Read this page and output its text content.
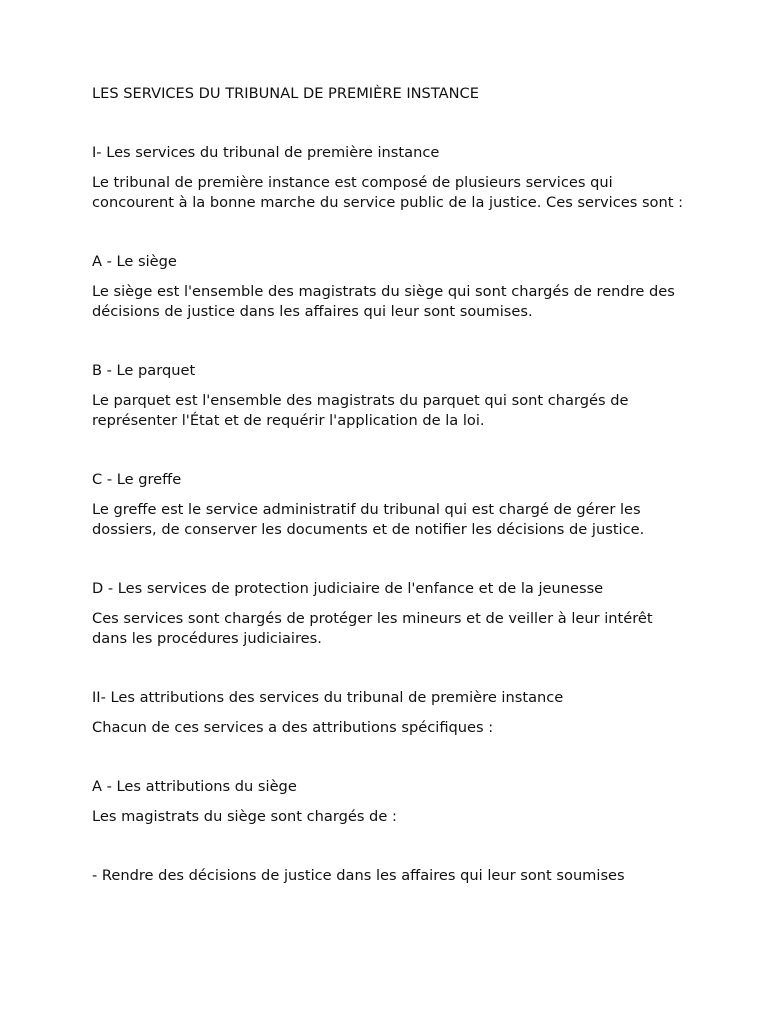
LES SERVICES DU TRIBUNAL DE PREMIÈRE INSTANCE

I- Les services du tribunal de première instance

Le tribunal de première instance est composé de plusieurs services qui concourent à la bonne marche du service public de la justice. Ces services sont :

A - Le siège

Le siège est l'ensemble des magistrats du siège qui sont chargés de rendre des décisions de justice dans les affaires qui leur sont soumises.

B - Le parquet

Le parquet est l'ensemble des magistrats du parquet qui sont chargés de représenter l'État et de requérir l'application de la loi.

C - Le greffe

Le greffe est le service administratif du tribunal qui est chargé de gérer les dossiers, de conserver les documents et de notifier les décisions de justice.

D - Les services de protection judiciaire de l'enfance et de la jeunesse

Ces services sont chargés de protéger les mineurs et de veiller à leur intérêt dans les procédures judiciaires.

II- Les attributions des services du tribunal de première instance

Chacun de ces services a des attributions spécifiques :

A - Les attributions du siège

Les magistrats du siège sont chargés de :

- Rendre des décisions de justice dans les affaires qui leur sont soumises
